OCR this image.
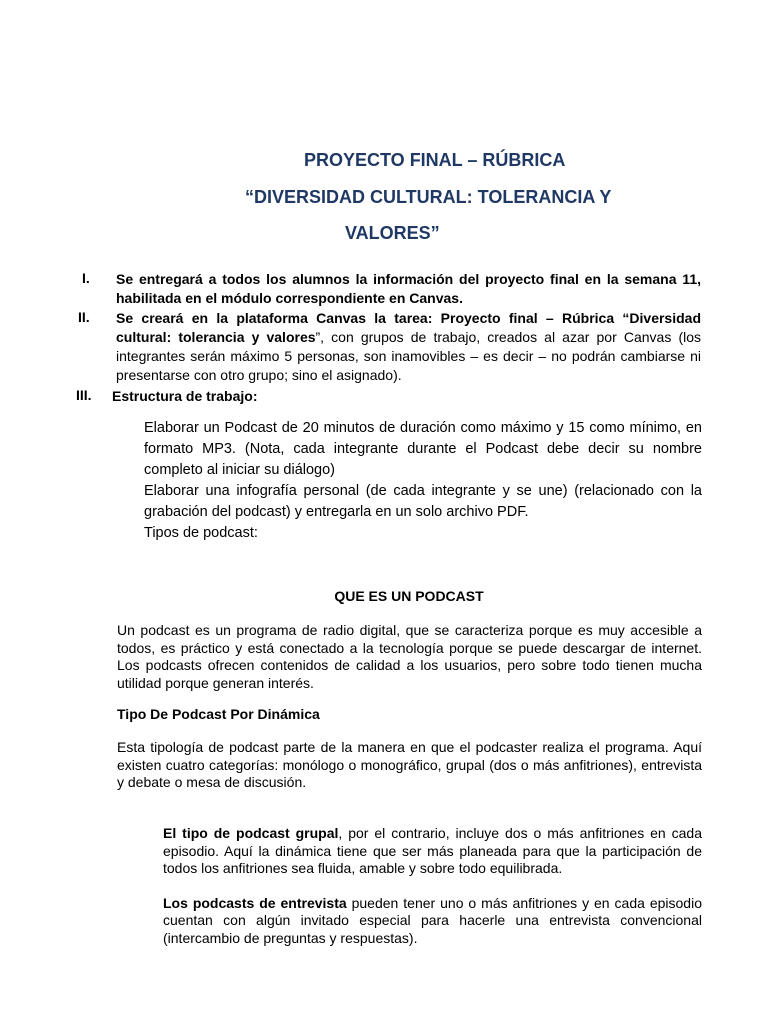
PROYECTO FINAL – RÚBRICA
“DIVERSIDAD CULTURAL: TOLERANCIA Y
VALORES”
I. Se entregará a todos los alumnos la información del proyecto final en la semana 11, habilitada en el módulo correspondiente en Canvas.
II. Se creará en la plataforma Canvas la tarea: Proyecto final – Rúbrica “Diversidad cultural: tolerancia y valores”, con grupos de trabajo, creados al azar por Canvas (los integrantes serán máximo 5 personas, son inamovibles – es decir – no podrán cambiarse ni presentarse con otro grupo; sino el asignado).
III. Estructura de trabajo:
Elaborar un Podcast de 20 minutos de duración como máximo y 15 como mínimo, en formato MP3. (Nota, cada integrante durante el Podcast debe decir su nombre completo al iniciar su diálogo)
Elaborar una infografía personal (de cada integrante y se une) (relacionado con la grabación del podcast) y entregarla en un solo archivo PDF.
Tipos de podcast:
QUE ES UN PODCAST
Un podcast es un programa de radio digital, que se caracteriza porque es muy accesible a todos, es práctico y está conectado a la tecnología porque se puede descargar de internet. Los podcasts ofrecen contenidos de calidad a los usuarios, pero sobre todo tienen mucha utilidad porque generan interés.
Tipo De Podcast Por Dinámica
Esta tipología de podcast parte de la manera en que el podcaster realiza el programa. Aquí existen cuatro categorías: monólogo o monográfico, grupal (dos o más anfitriones), entrevista y debate o mesa de discusión.
El tipo de podcast grupal, por el contrario, incluye dos o más anfitriones en cada episodio. Aquí la dinámica tiene que ser más planeada para que la participación de todos los anfitriones sea fluida, amable y sobre todo equilibrada.
Los podcasts de entrevista pueden tener uno o más anfitriones y en cada episodio cuentan con algún invitado especial para hacerle una entrevista convencional (intercambio de preguntas y respuestas).
